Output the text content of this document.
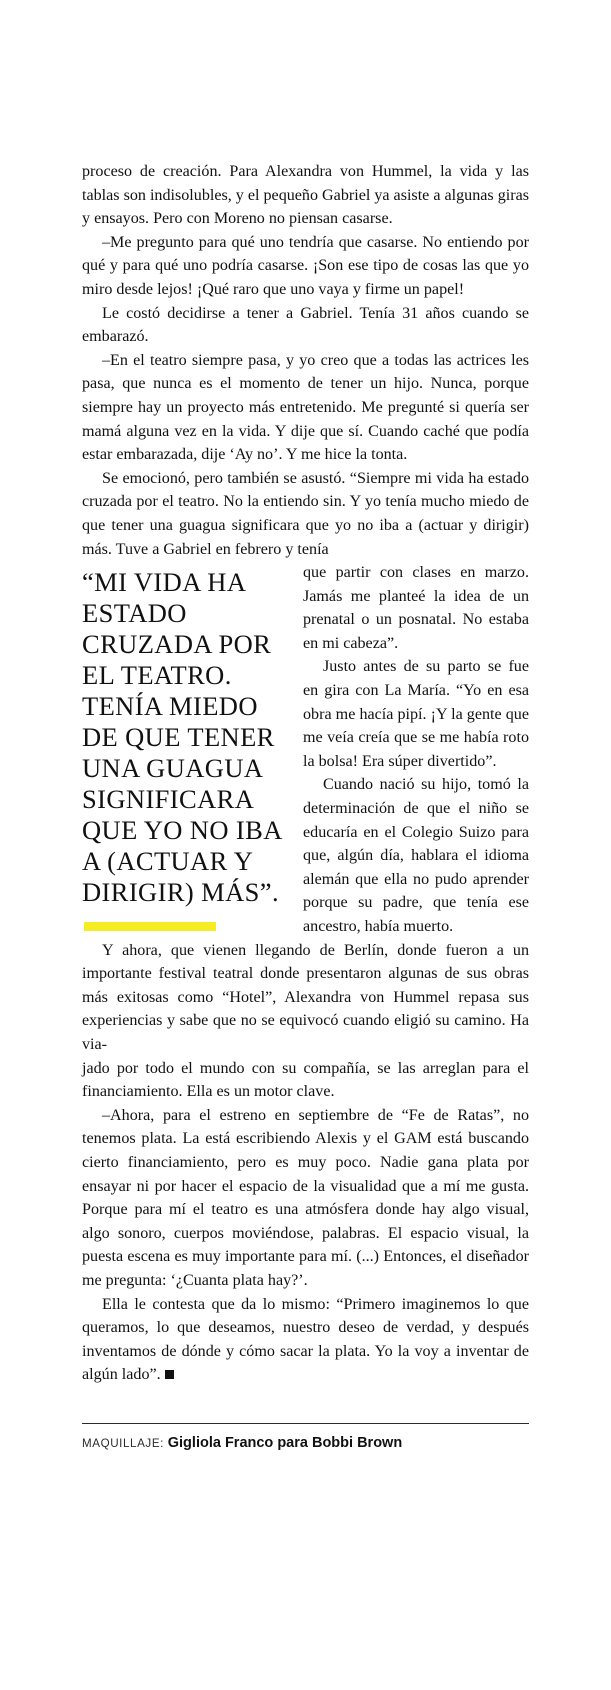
proceso de creación. Para Alexandra von Hummel, la vida y las tablas son indisolubles, y el pequeño Gabriel ya asiste a algunas giras y ensayos. Pero con Moreno no piensan casarse.

–Me pregunto para qué uno tendría que casarse. No entiendo por qué y para qué uno podría casarse. ¡Son ese tipo de cosas las que yo miro desde lejos! ¡Qué raro que uno vaya y firme un papel!

Le costó decidirse a tener a Gabriel. Tenía 31 años cuando se embarazó.

–En el teatro siempre pasa, y yo creo que a todas las actrices les pasa, que nunca es el momento de tener un hijo. Nunca, porque siempre hay un proyecto más entretenido. Me pregunté si quería ser mamá alguna vez en la vida. Y dije que sí. Cuando caché que podía estar embarazada, dije ‘Ay no’. Y me hice la tonta.

Se emocionó, pero también se asustó. “Siempre mi vida ha estado cruzada por el teatro. No la entiendo sin. Y yo tenía mucho miedo de que tener una guagua significara que yo no iba a (actuar y dirigir) más. Tuve a Gabriel en febrero y tenía

“MI VIDA HA ESTADO CRUZADA POR EL TEATRO. TENÍA MIEDO DE QUE TENER UNA GUAGUA SIGNIFICARA QUE YO NO IBA A (ACTUAR Y DIRIGIR) MÁS”.

que partir con clases en marzo. Jamás me planteé la idea de un prenatal o un posnatal. No estaba en mi cabeza”.

Justo antes de su parto se fue en gira con La María. “Yo en esa obra me hacía pipí. ¡Y la gente que me veía creía que se me había roto la bolsa! Era súper divertido”.

Cuando nació su hijo, tomó la determinación de que el niño se educaría en el Colegio Suizo para que, algún día, hablara el idioma alemán que ella no pudo aprender porque su padre, que tenía ese ancestro, había muerto.

Y ahora, que vienen llegando de Berlín, donde fueron a un importante festival teatral donde presentaron algunas de sus obras más exitosas como “Hotel”, Alexandra von Hummel repasa sus experiencias y sabe que no se equivocó cuando eligió su camino. Ha via-

jado por todo el mundo con su compañía, se las arreglan para el financiamiento. Ella es un motor clave.

–Ahora, para el estreno en septiembre de “Fe de Ratas”, no tenemos plata. La está escribiendo Alexis y el GAM está buscando cierto financiamiento, pero es muy poco. Nadie gana plata por ensayar ni por hacer el espacio de la visualidad que a mí me gusta. Porque para mí el teatro es una atmósfera donde hay algo visual, algo sonoro, cuerpos moviéndose, palabras. El espacio visual, la puesta escena es muy importante para mí. (...) Entonces, el diseñador me pregunta: ‘¿Cuanta plata hay?’.

Ella le contesta que da lo mismo: “Primero imaginemos lo que queramos, lo que deseamos, nuestro deseo de verdad, y después inventamos de dónde y cómo sacar la plata. Yo la voy a inventar de algún lado”.

MAQUILLAJE: Gigliola Franco para Bobbi Brown
